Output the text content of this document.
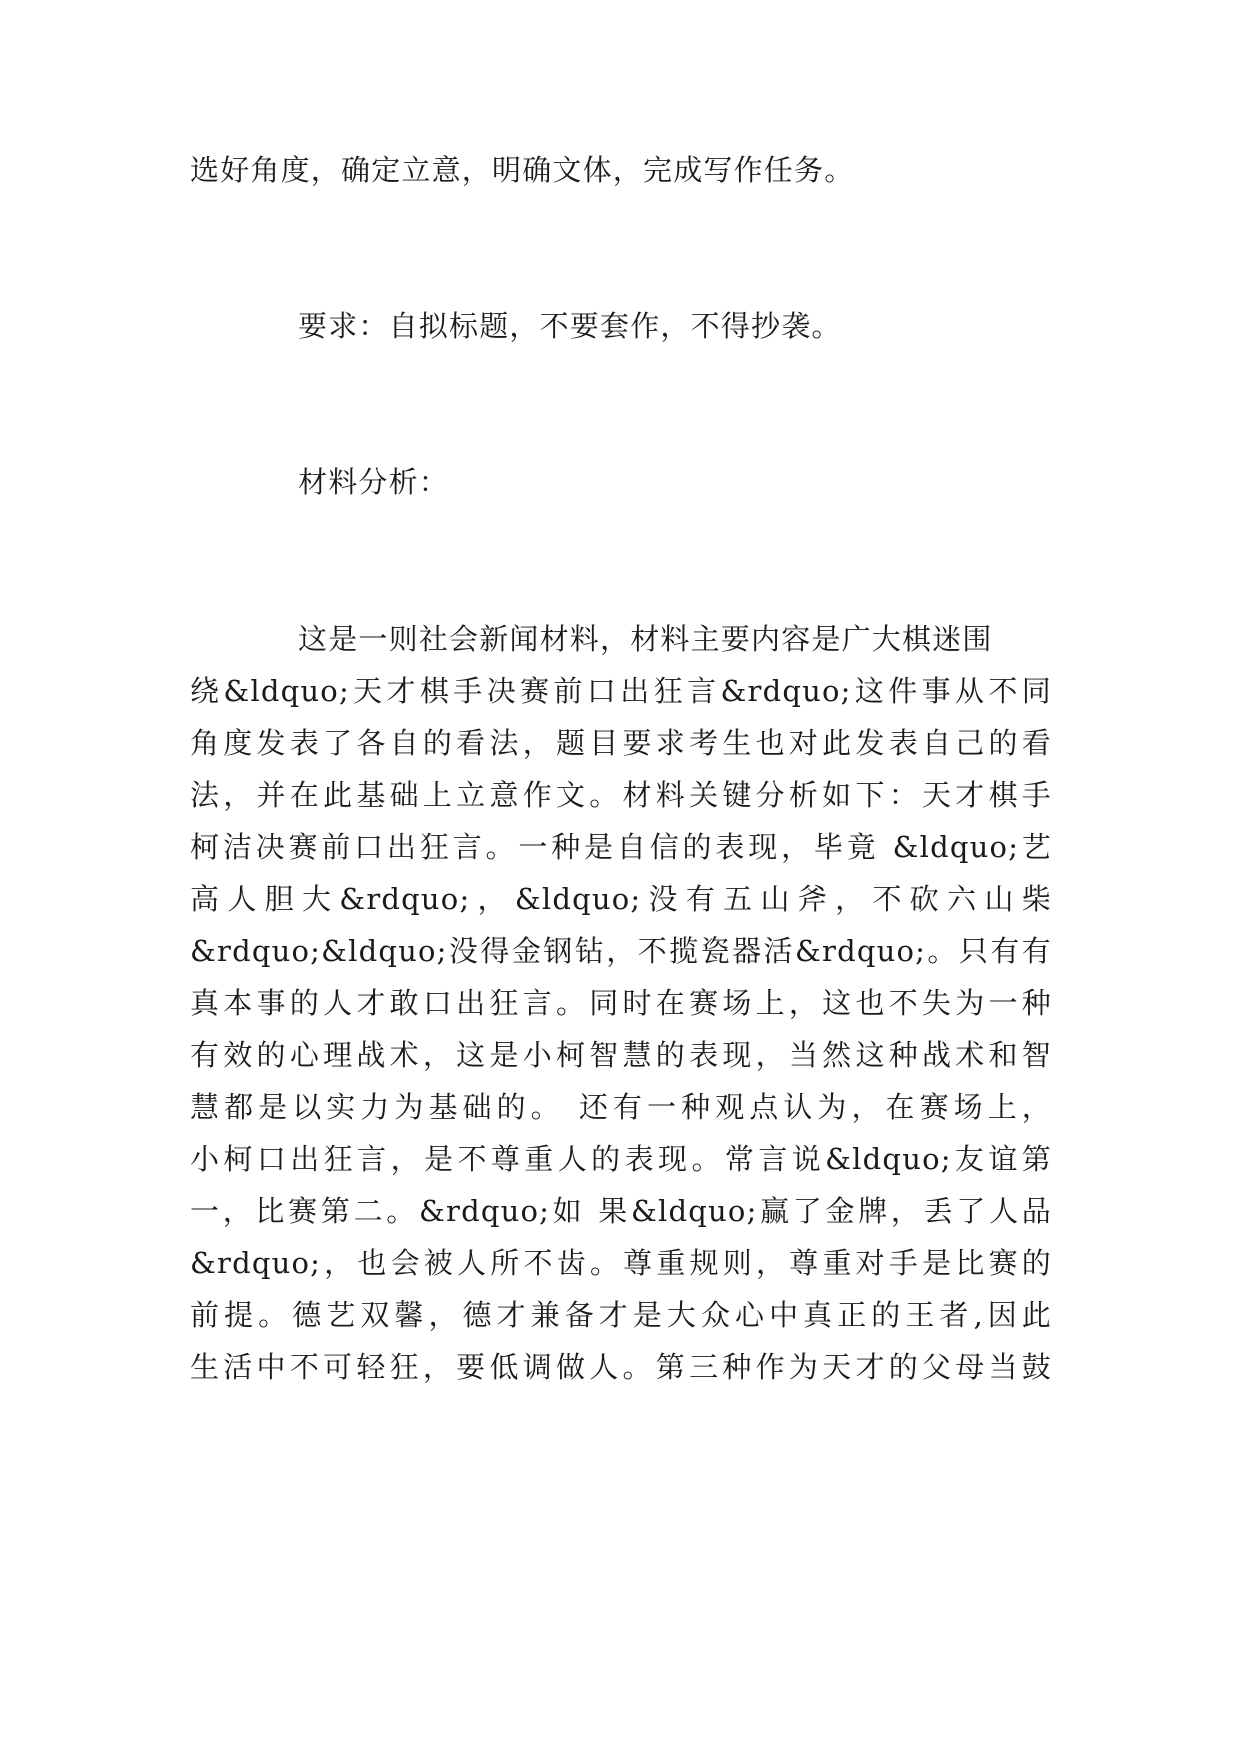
选好角度，确定立意，明确文体，完成写作任务。
要求：自拟标题，不要套作，不得抄袭。
材料分析：
这是一则社会新闻材料，材料主要内容是广大棋迷围
绕&ldquo;天才棋手决赛前口出狂言&rdquo;这件事从不同
角度发表了各自的看法，题目要求考生也对此发表自己的看
法，并在此基础上立意作文。材料关键分析如下：天才棋手
柯洁决赛前口出狂言。一种是自信的表现，毕竟 &ldquo;艺
高人胆大&rdquo;，&ldquo;没有五山斧，不砍六山柴
&rdquo;&ldquo;没得金钢钻，不揽瓷器活&rdquo;。只有有
真本事的人才敢口出狂言。同时在赛场上，这也不失为一种
有效的心理战术，这是小柯智慧的表现，当然这种战术和智
慧都是以实力为基础的。 还有一种观点认为，在赛场上，
小柯口出狂言，是不尊重人的表现。常言说&ldquo;友谊第
一，比赛第二。&rdquo;如 果&ldquo;赢了金牌，丢了人品
&rdquo;，也会被人所不齿。尊重规则，尊重对手是比赛的
前提。德艺双馨，德才兼备才是大众心中真正的王者,因此
生活中不可轻狂，要低调做人。第三种作为天才的父母当鼓
